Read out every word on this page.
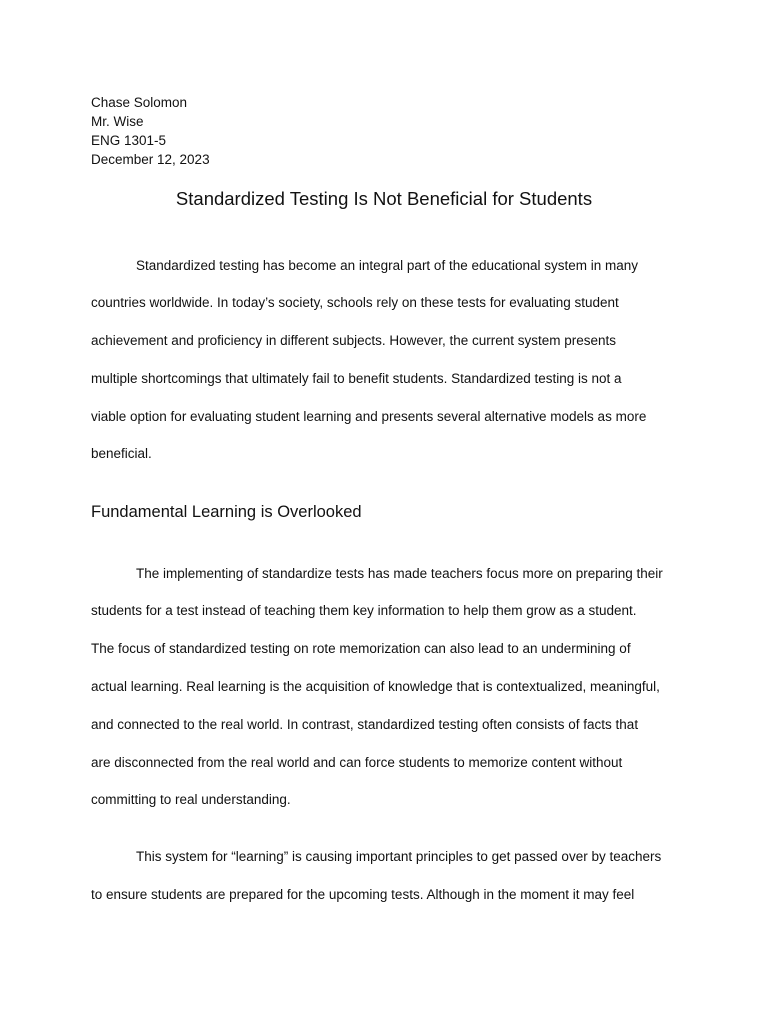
Chase Solomon
Mr. Wise
ENG 1301-5
December 12, 2023
Standardized Testing Is Not Beneficial for Students
Standardized testing has become an integral part of the educational system in many
countries worldwide. In today’s society, schools rely on these tests for evaluating student
achievement and proficiency in different subjects. However, the current system presents
multiple shortcomings that ultimately fail to benefit students. Standardized testing is not a
viable option for evaluating student learning and presents several alternative models as more
beneficial.
Fundamental Learning is Overlooked
The implementing of standardize tests has made teachers focus more on preparing their
students for a test instead of teaching them key information to help them grow as a student.
The focus of standardized testing on rote memorization can also lead to an undermining of
actual learning. Real learning is the acquisition of knowledge that is contextualized, meaningful,
and connected to the real world. In contrast, standardized testing often consists of facts that
are disconnected from the real world and can force students to memorize content without
committing to real understanding.
This system for “learning” is causing important principles to get passed over by teachers
to ensure students are prepared for the upcoming tests. Although in the moment it may feel
